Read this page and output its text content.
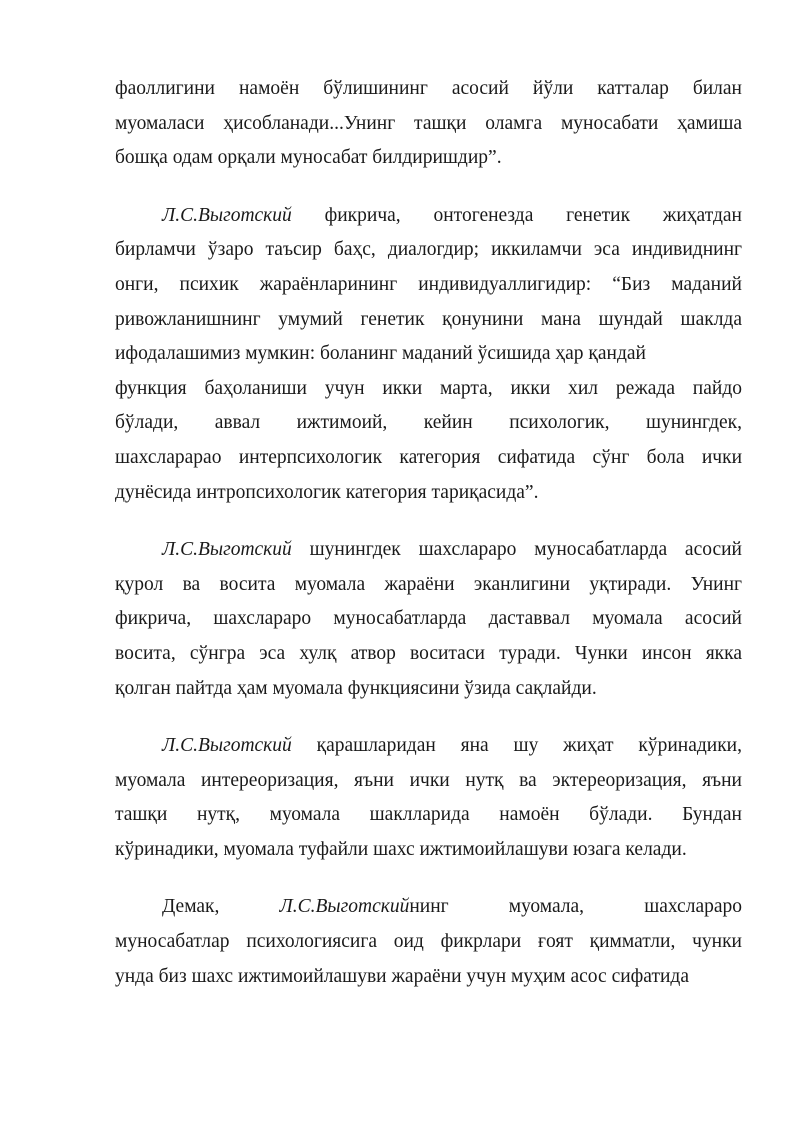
фаоллигини намоён бўлишининг асосий йўли катталар билан
муомаласи ҳисобланади...Унинг ташқи оламга муносабати ҳамиша
бошқа одам орқали муносабат билдиришдир”.
Л.С.Выготский фикрича, онтогенезда генетик жиҳатдан
бирламчи ўзаро таъсир баҳс, диалогдир; иккиламчи эса индивиднинг
онги, психик жараёнларининг индивидуаллигидир: “Биз маданий
ривожланишнинг умумий генетик қонунини мана шундай шаклда
ифодалашимиз мумкин: боланинг маданий ўсишида ҳар қандай
функция баҳоланиши учун икки марта, икки хил режада пайдо
бўлади, аввал ижтимоий, кейин психологик, шунингдек,
шахсларарао интерпсихологик категория сифатида сўнг бола ички
дунёсида интропсихологик категория тариқасида”.
Л.С.Выготский шунингдек шахслараро муносабатларда асосий
қурол ва восита муомала жараёни эканлигини уқтиради. Унинг
фикрича, шахслараро муносабатларда даставвал муомала асосий
восита, сўнгра эса хулқ атвор воситаси туради. Чунки инсон якка
қолган пайтда ҳам муомала функциясини ўзида сақлайди.
Л.С.Выготский қарашларидан яна шу жиҳат кўринадики,
муомала интереоризация, яъни ички нутқ ва эктереоризация, яъни
ташқи нутқ, муомала шаклларида намоён бўлади. Бундан
кўринадики, муомала туфайли шахс ижтимоийлашуви юзага келади.
Демак, Л.С.Выготскийнинг муомала, шахслараро
муносабатлар психологиясига оид фикрлари ғоят қимматли, чунки
унда биз шахс ижтимоийлашуви жараёни учун муҳим асос сифатида
